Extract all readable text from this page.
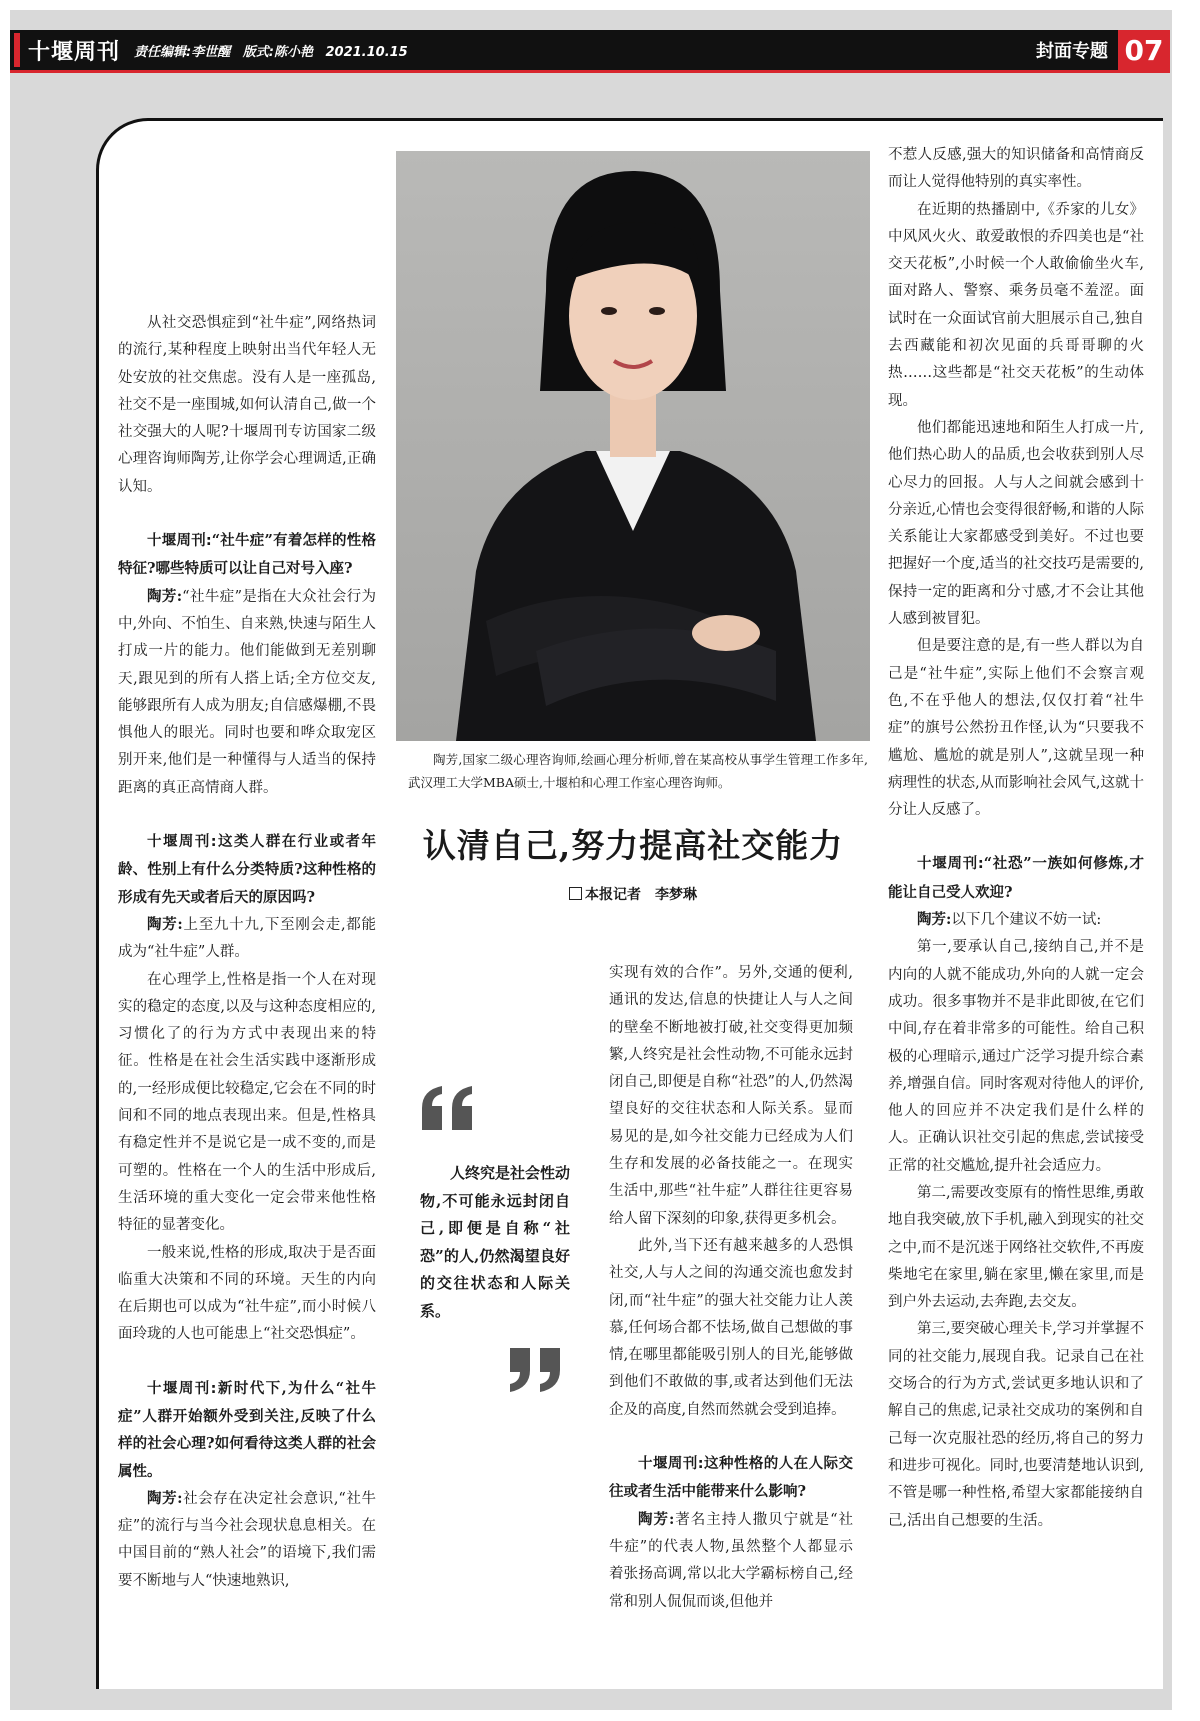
十堰周刊 责任编辑:李世醒 版式:陈小艳 2021.10.15	封面专题 07

从社交恐惧症到“社牛症”,网络热词的流行,某种程度上映射出当代年轻人无处安放的社交焦虑。没有人是一座孤岛,社交不是一座围城,如何认清自己,做一个社交强大的人呢?十堰周刊专访国家二级心理咨询师陶芳,让你学会心理调适,正确认知。

十堰周刊:“社牛症”有着怎样的性格特征?哪些特质可以让自己对号入座?

陶芳:“社牛症”是指在大众社会行为中,外向、不怕生、自来熟,快速与陌生人打成一片的能力。他们能做到无差别聊天,跟见到的所有人搭上话;全方位交友,能够跟所有人成为朋友;自信感爆棚,不畏惧他人的眼光。同时也要和哗众取宠区别开来,他们是一种懂得与人适当的保持距离的真正高情商人群。

十堰周刊:这类人群在行业或者年龄、性别上有什么分类特质?这种性格的形成有先天或者后天的原因吗?

陶芳:上至九十九,下至刚会走,都能成为“社牛症”人群。

在心理学上,性格是指一个人在对现实的稳定的态度,以及与这种态度相应的,习惯化了的行为方式中表现出来的特征。性格是在社会生活实践中逐渐形成的,一经形成便比较稳定,它会在不同的时间和不同的地点表现出来。但是,性格具有稳定性并不是说它是一成不变的,而是可塑的。性格在一个人的生活中形成后,生活环境的重大变化一定会带来他性格特征的显著变化。

一般来说,性格的形成,取决于是否面临重大决策和不同的环境。天生的内向在后期也可以成为“社牛症”,而小时候八面玲珑的人也可能患上“社交恐惧症”。

十堰周刊:新时代下,为什么“社牛症”人群开始额外受到关注,反映了什么样的社会心理?如何看待这类人群的社会属性。

陶芳:社会存在决定社会意识,“社牛症”的流行与当今社会现状息息相关。在中国目前的“熟人社会”的语境下,我们需要不断地与人“快速地熟识,

陶芳,国家二级心理咨询师,绘画心理分析师,曾在某高校从事学生管理工作多年,武汉理工大学MBA硕士,十堰柏和心理工作室心理咨询师。
认清自己,努力提高社交能力
本报记者　李梦琳
人终究是社会性动物,不可能永远封闭自己,即便是自称“社恐”的人,仍然渴望良好的交往状态和人际关系。

实现有效的合作”。另外,交通的便利,通讯的发达,信息的快捷让人与人之间的壁垒不断地被打破,社交变得更加频繁,人终究是社会性动物,不可能永远封闭自己,即便是自称“社恐”的人,仍然渴望良好的交往状态和人际关系。显而易见的是,如今社交能力已经成为人们生存和发展的必备技能之一。在现实生活中,那些“社牛症”人群往往更容易给人留下深刻的印象,获得更多机会。

此外,当下还有越来越多的人恐惧社交,人与人之间的沟通交流也愈发封闭,而“社牛症”的强大社交能力让人羡慕,任何场合都不怯场,做自己想做的事情,在哪里都能吸引别人的目光,能够做到他们不敢做的事,或者达到他们无法企及的高度,自然而然就会受到追捧。

十堰周刊:这种性格的人在人际交往或者生活中能带来什么影响?

陶芳:著名主持人撒贝宁就是“社牛症”的代表人物,虽然整个人都显示着张扬高调,常以北大学霸标榜自己,经常和别人侃侃而谈,但他并

不惹人反感,强大的知识储备和高情商反而让人觉得他特别的真实率性。

在近期的热播剧中,《乔家的儿女》中风风火火、敢爱敢恨的乔四美也是“社交天花板”,小时候一个人敢偷偷坐火车,面对路人、警察、乘务员毫不羞涩。面试时在一众面试官前大胆展示自己,独自去西藏能和初次见面的兵哥哥聊的火热……这些都是“社交天花板”的生动体现。

他们都能迅速地和陌生人打成一片,他们热心助人的品质,也会收获到别人尽心尽力的回报。人与人之间就会感到十分亲近,心情也会变得很舒畅,和谐的人际关系能让大家都感受到美好。不过也要把握好一个度,适当的社交技巧是需要的,保持一定的距离和分寸感,才不会让其他人感到被冒犯。

但是要注意的是,有一些人群以为自己是“社牛症”,实际上他们不会察言观色,不在乎他人的想法,仅仅打着“社牛症”的旗号公然扮丑作怪,认为“只要我不尴尬、尴尬的就是别人”,这就呈现一种病理性的状态,从而影响社会风气,这就十分让人反感了。

十堰周刊:“社恐”一族如何修炼,才能让自己受人欢迎?

陶芳:以下几个建议不妨一试:

第一,要承认自己,接纳自己,并不是内向的人就不能成功,外向的人就一定会成功。很多事物并不是非此即彼,在它们中间,存在着非常多的可能性。给自己积极的心理暗示,通过广泛学习提升综合素养,增强自信。同时客观对待他人的评价,他人的回应并不决定我们是什么样的人。正确认识社交引起的焦虑,尝试接受正常的社交尴尬,提升社会适应力。

第二,需要改变原有的惰性思维,勇敢地自我突破,放下手机,融入到现实的社交之中,而不是沉迷于网络社交软件,不再废柴地宅在家里,躺在家里,懒在家里,而是到户外去运动,去奔跑,去交友。

第三,要突破心理关卡,学习并掌握不同的社交能力,展现自我。记录自己在社交场合的行为方式,尝试更多地认识和了解自己的焦虑,记录社交成功的案例和自己每一次克服社恐的经历,将自己的努力和进步可视化。同时,也要清楚地认识到,不管是哪一种性格,希望大家都能接纳自己,活出自己想要的生活。
